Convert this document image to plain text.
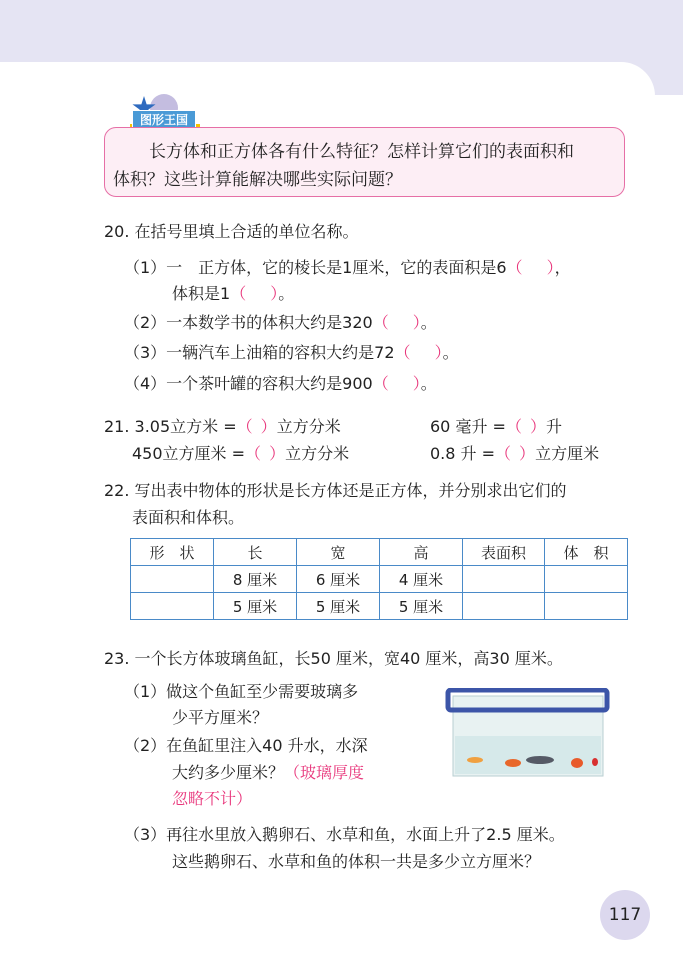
图形王国
长方体和正方体各有什么特征？怎样计算它们的表面积和
体积？这些计算能解决哪些实际问题？
20. 在括号里填上合适的单位名称。
（1）一　正方体，它的棱长是1厘米，它的表面积是6（   ），
体积是1（   ）。
（2）一本数学书的体积大约是320（   ）。
（3）一辆汽车上油箱的容积大约是72（   ）。
（4）一个茶叶罐的容积大约是900（   ）。
21. 3.05立方米 =（  ）立方分米	60 毫升 =（  ）升
450立方厘米 =（  ）立方分米	0.8 升 =（  ）立方厘米
22. 写出表中物体的形状是长方体还是正方体，并分别求出它们的
表面积和体积。
形　状	长	宽	高	表面积	体　积
	8 厘米	6 厘米	4 厘米		
	5 厘米	5 厘米	5 厘米		
23. 一个长方体玻璃鱼缸，长50 厘米，宽40 厘米，高30 厘米。
（1）做这个鱼缸至少需要玻璃多
少平方厘米？
（2）在鱼缸里注入40 升水，水深
大约多少厘米？（玻璃厚度
忽略不计）
（3）再往水里放入鹅卵石、水草和鱼，水面上升了2.5 厘米。
这些鹅卵石、水草和鱼的体积一共是多少立方厘米？
117
